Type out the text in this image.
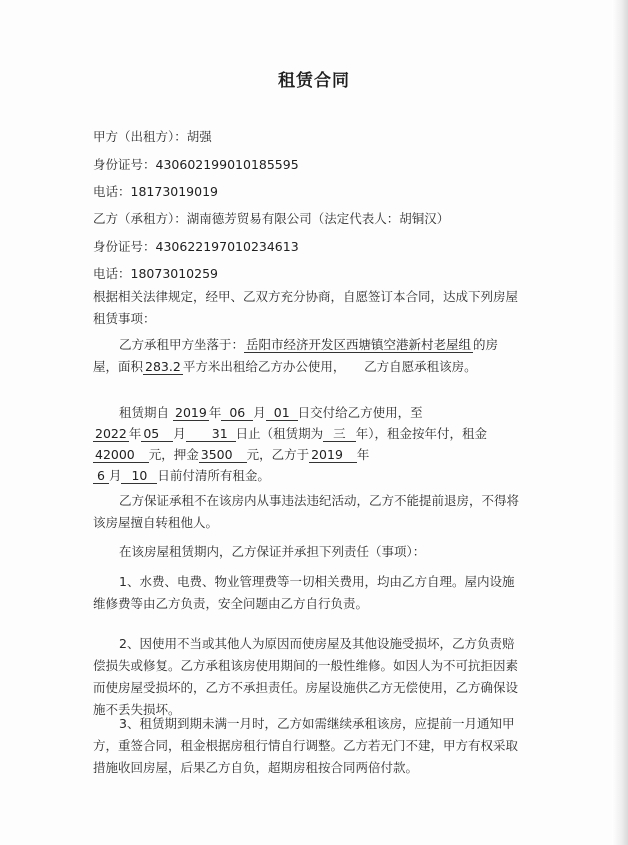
租赁合同
甲方（出租方）：胡强
身份证号：430602199010185595
电话：18173019019
乙方（承租方）：湖南德芳贸易有限公司（法定代表人：胡铜汉）
身份证号：430622197010234613
电话：18073010259
根据相关法律规定，经甲、乙双方充分协商，自愿签订本合同，达成下列房屋租赁事项：
乙方承租甲方坐落于： 岳阳市经济开发区西塘镇空港新村老屋组 的房屋，面积 283.2 平方米出租给乙方办公使用，　　乙方自愿承租该房。
租赁期自 2019 年 06 月 01 日交付给乙方使用，至
2022 年 05 月 31 日止（租赁期为 三 年），租金按年付，租金42000 元，押金 3500 元，乙方于 2019 年
6 月 10 日前付清所有租金。
乙方保证承租不在该房内从事违法违纪活动，乙方不能提前退房，不得将该房屋擅自转租他人。
在该房屋租赁期内，乙方保证并承担下列责任（事项）：
1、水费、电费、物业管理费等一切相关费用，均由乙方自理。屋内设施维修费等由乙方负责，安全问题由乙方自行负责。
2、因使用不当或其他人为原因而使房屋及其他设施受损坏，乙方负责赔偿损失或修复。乙方承租该房使用期间的一般性维修。如因人为不可抗拒因素而使房屋受损坏的，乙方不承担责任。房屋设施供乙方无偿使用，乙方确保设施不丢失损坏。
3、租赁期到期未满一月时，乙方如需继续承租该房，应提前一月通知甲方，重签合同，租金根据房租行情自行调整。乙方若无门不建，甲方有权采取措施收回房屋，后果乙方自负，超期房租按合同两倍付款。
